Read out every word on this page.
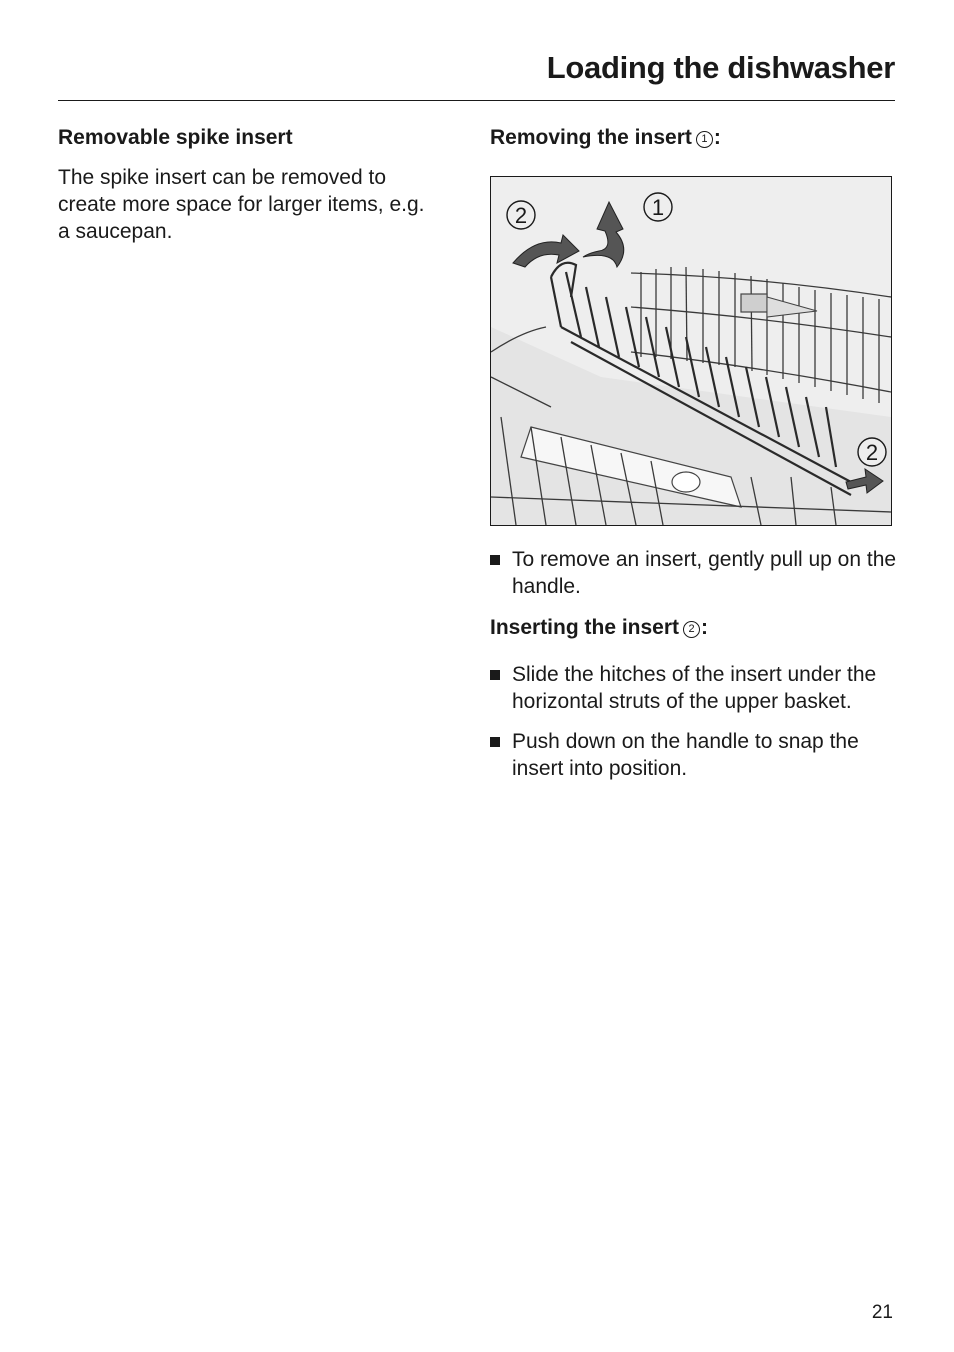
Loading the dishwasher
Removable spike insert

The spike insert can be removed to create more space for larger items, e.g. a saucepan.

Removing the insert 1 :
2	1
2
To remove an insert, gently pull up on the handle.
Inserting the insert 2 :
Slide the hitches of the insert under the horizontal struts of the upper basket.
Push down on the handle to snap the insert into position.
21
